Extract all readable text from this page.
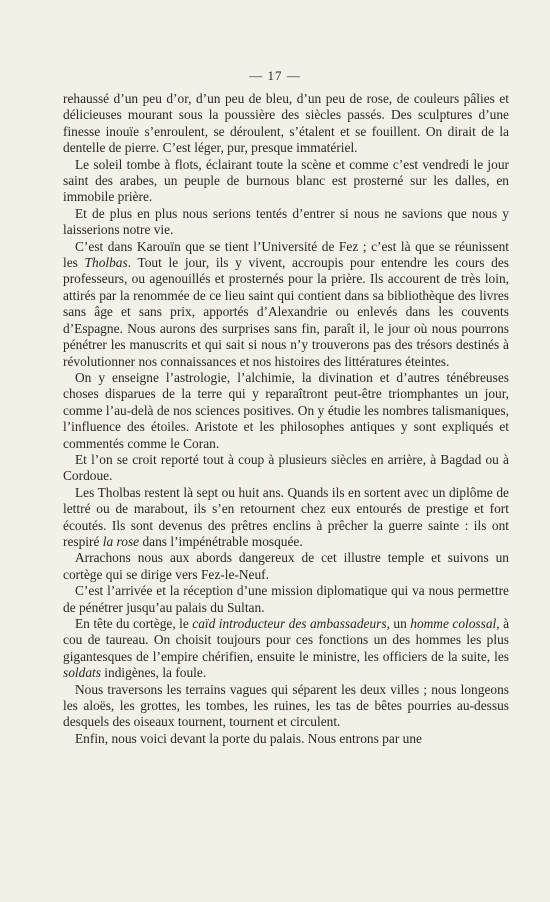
— 17 —

rehaussé d’un peu d’or, d’un peu de bleu, d’un peu de rose, de couleurs pâlies et délicieuses mourant sous la poussière des siècles passés. Des sculptures d’une finesse inouïe s’enroulent, se déroulent, s’étalent et se fouillent. On dirait de la dentelle de pierre. C’est léger, pur, presque immatériel.

Le soleil tombe à flots, éclairant toute la scène et comme c’est vendredi le jour saint des arabes, un peuple de burnous blanc est prosterné sur les dalles, en immobile prière.

Et de plus en plus nous serions tentés d’entrer si nous ne savions que nous y laisserions notre vie.

C’est dans Karouïn que se tient l’Université de Fez ; c’est là que se réunissent les Tholbas. Tout le jour, ils y vivent, accroupis pour entendre les cours des professeurs, ou agenouillés et prosternés pour la prière. Ils accourent de très loin, attirés par la renommée de ce lieu saint qui contient dans sa bibliothèque des livres sans âge et sans prix, apportés d’Alexandrie ou enlevés dans les couvents d’Espagne. Nous aurons des surprises sans fin, paraît il, le jour où nous pourrons pénétrer les manuscrits et qui sait si nous n’y trouverons pas des trésors destinés à révolutionner nos connaissances et nos histoires des littératures éteintes.

On y enseigne l’astrologie, l’alchimie, la divination et d’autres ténébreuses choses disparues de la terre qui y reparaîtront peut-être triomphantes un jour, comme l’au-delà de nos sciences positives. On y étudie les nombres talismaniques, l’influence des étoiles. Aristote et les philosophes antiques y sont expliqués et commentés comme le Coran.

Et l’on se croit reporté tout à coup à plusieurs siècles en arrière, à Bagdad ou à Cordoue.

Les Tholbas restent là sept ou huit ans. Quands ils en sortent avec un diplôme de lettré ou de marabout, ils s’en retournent chez eux entourés de prestige et fort écoutés. Ils sont devenus des prêtres enclins à prêcher la guerre sainte : ils ont respiré la rose dans l’impénétrable mosquée.

Arrachons nous aux abords dangereux de cet illustre temple et suivons un cortège qui se dirige vers Fez-le-Neuf.

C’est l’arrivée et la réception d’une mission diplomatique qui va nous permettre de pénétrer jusqu’au palais du Sultan.

En tête du cortège, le caïd introducteur des ambassadeurs, un homme colossal, à cou de taureau. On choisit toujours pour ces fonctions un des hommes les plus gigantesques de l’empire chérifien, ensuite le ministre, les officiers de la suite, les soldats indigènes, la foule.

Nous traversons les terrains vagues qui séparent les deux villes ; nous longeons les aloës, les grottes, les tombes, les ruines, les tas de bêtes pourries au-dessus desquels des oiseaux tournent, tournent et circulent.

Enfin, nous voici devant la porte du palais. Nous entrons par une
